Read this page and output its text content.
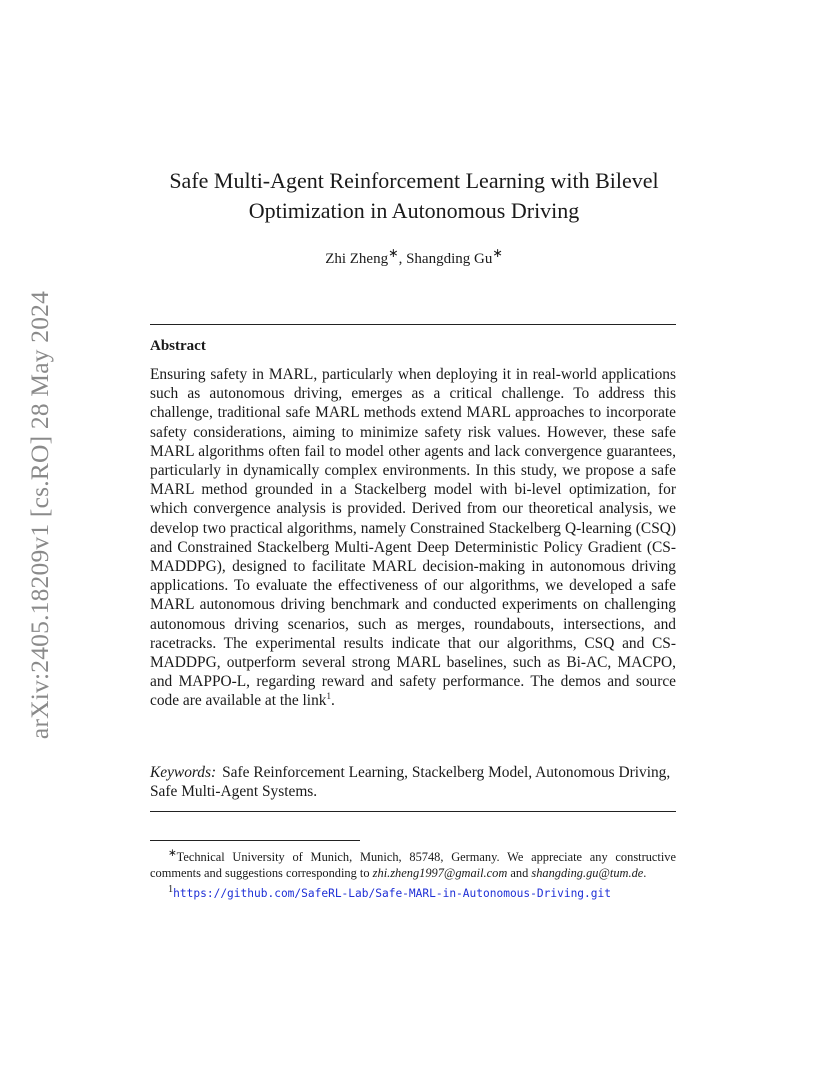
arXiv:2405.18209v1 [cs.RO] 28 May 2024
Safe Multi-Agent Reinforcement Learning with Bilevel
Optimization in Autonomous Driving
Zhi Zheng∗, Shangding Gu∗
Abstract
Ensuring safety in MARL, particularly when deploying it in real-world applications such as autonomous driving, emerges as a critical challenge. To address this challenge, traditional safe MARL methods extend MARL approaches to incorporate safety considerations, aiming to minimize safety risk values. However, these safe MARL algorithms often fail to model other agents and lack convergence guarantees, particularly in dynamically complex environments. In this study, we propose a safe MARL method grounded in a Stackelberg model with bi-level optimization, for which convergence analysis is provided. Derived from our theoretical analysis, we develop two practical algorithms, namely Constrained Stackelberg Q-learning (CSQ) and Constrained Stackelberg Multi-Agent Deep Deterministic Policy Gradient (CS-MADDPG), designed to facilitate MARL decision-making in autonomous driving applications. To evaluate the effectiveness of our algorithms, we developed a safe MARL autonomous driving benchmark and conducted experiments on challenging autonomous driving scenarios, such as merges, roundabouts, intersections, and racetracks. The experimental results indicate that our algorithms, CSQ and CS-MADDPG, outperform several strong MARL baselines, such as Bi-AC, MACPO, and MAPPO-L, regarding reward and safety performance. The demos and source code are available at the link$^1$.
Keywords: Safe Reinforcement Learning, Stackelberg Model, Autonomous Driving, Safe Multi-Agent Systems.
∗Technical University of Munich, Munich, 85748, Germany. We appreciate any constructive comments and suggestions corresponding to zhi.zheng1997@gmail.com and shangding.gu@tum.de.
$^1$https://github.com/SafeRL-Lab/Safe-MARL-in-Autonomous-Driving.git
